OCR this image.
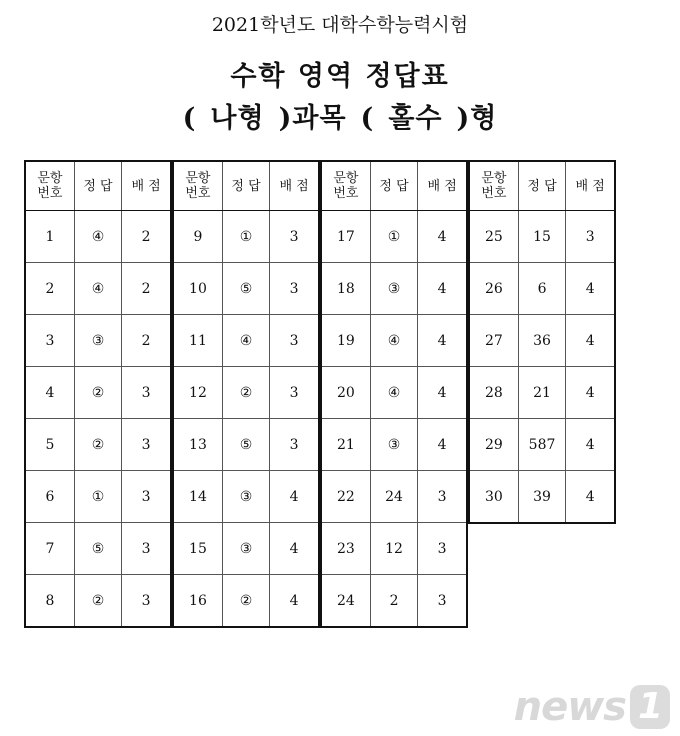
2021학년도 대학수학능력시험
수학 영역 정답표
( 나형 )과목 ( 홀수 )형
문항
번호	정 답	배 점
1	④	2
2	④	2
3	③	2
4	②	3
5	②	3
6	①	3
7	⑤	3
8	②	3
문항
번호	정 답	배 점
9	①	3
10	⑤	3
11	④	3
12	②	3
13	⑤	3
14	③	4
15	③	4
16	②	4
문항
번호	정 답	배 점
17	①	4
18	③	4
19	④	4
20	④	4
21	③	4
22	24	3
23	12	3
24	2	3
문항
번호	정 답	배 점
25	15	3
26	6	4
27	36	4
28	21	4
29	587	4
30	39	4
news 1
